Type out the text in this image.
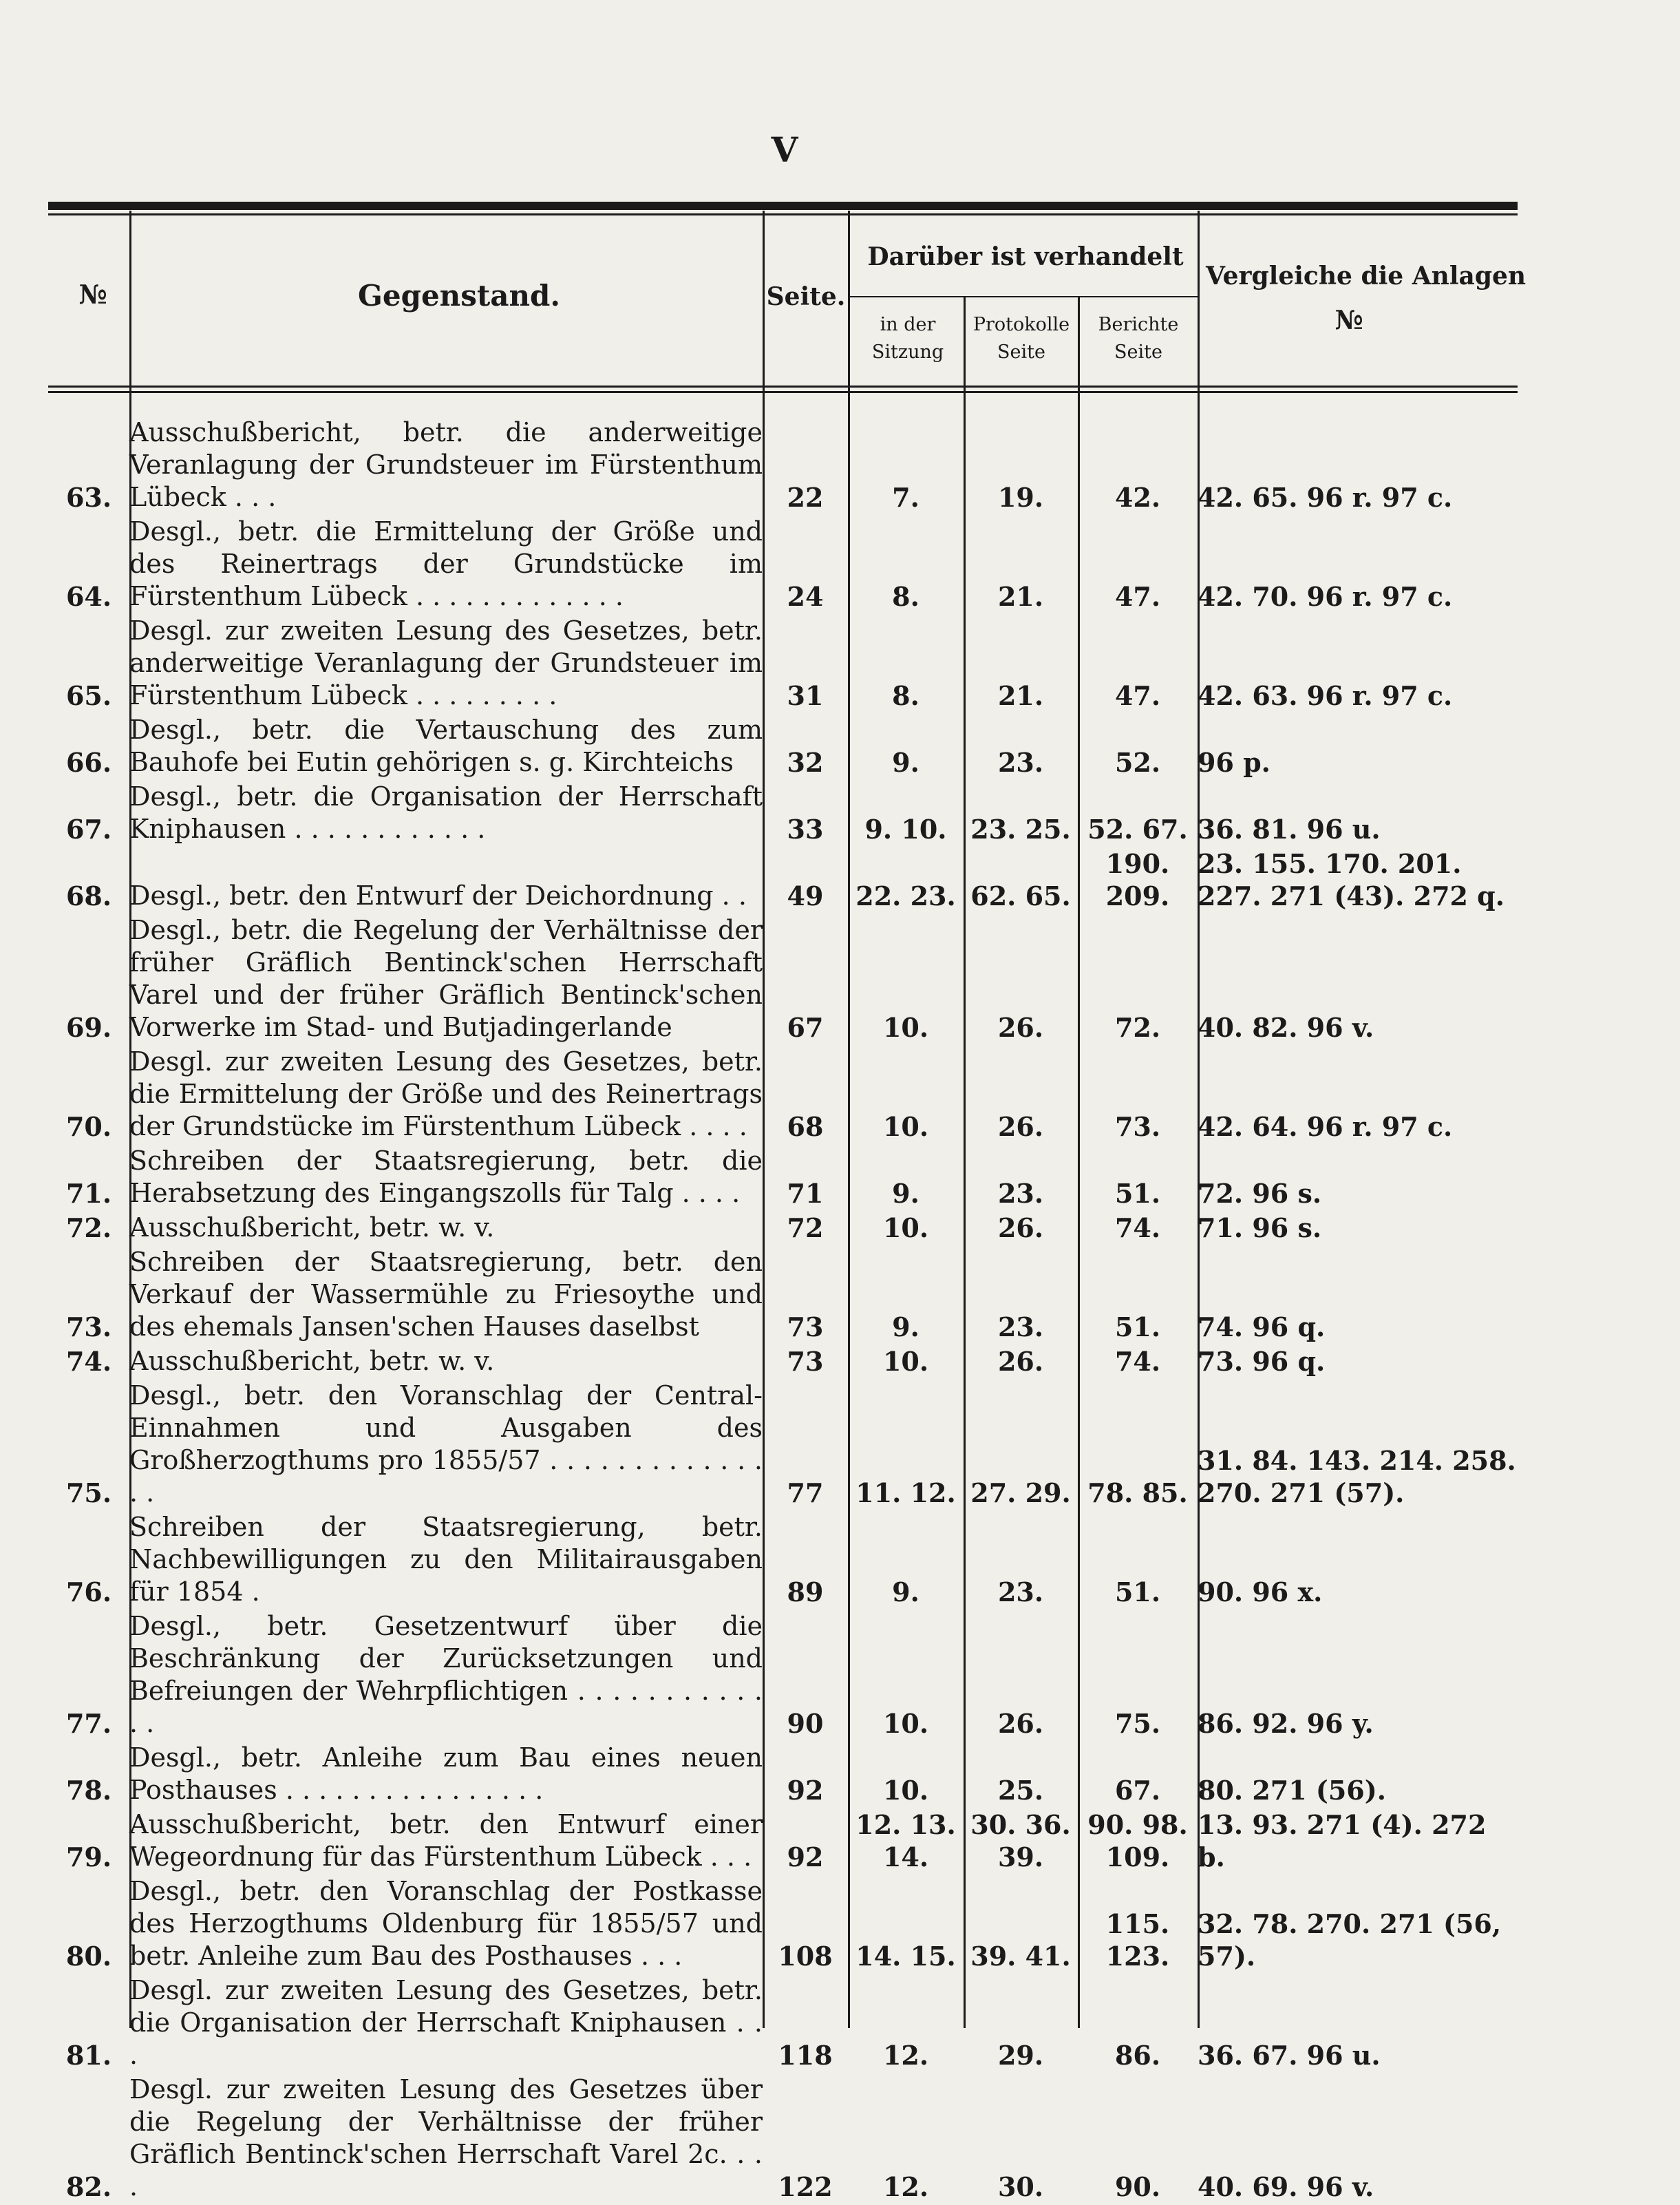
V
№	Gegenstand.	Seite.
Darüber ist verhandelt
in der Sitzung
Protokolle Seite
Berichte Seite
Vergleiche die Anlagen
№
63.	Ausschußbericht, betr. die anderweitige Veranlagung der Grundsteuer im Fürstenthum Lübeck . . .	22	7.	19.	42.	42. 65. 96 r. 97 c.
64.	Desgl., betr. die Ermittelung der Größe und des Reinertrags der Grundstücke im Fürstenthum Lübeck . . . . . . . . . . . . .	24	8.	21.	47.	42. 70. 96 r. 97 c.
65.	Desgl. zur zweiten Lesung des Gesetzes, betr. anderweitige Veranlagung der Grundsteuer im Fürstenthum Lübeck . . . . . . . . .	31	8.	21.	47.	42. 63. 96 r. 97 c.
66.	Desgl., betr. die Vertauschung des zum Bauhofe bei Eutin gehörigen s. g. Kirchteichs	32	9.	23.	52.	96 p.
67.	Desgl., betr. die Organisation der Herrschaft Kniphausen . . . . . . . . . . . .	33	9. 10.	23. 25.	52. 67.	36. 81. 96 u.
68.	Desgl., betr. den Entwurf der Deichordnung . .	49	22. 23.	62. 65.	190. 209.	23. 155. 170. 201. 227. 271 (43). 272 q.
69.	Desgl., betr. die Regelung der Verhältnisse der früher Gräflich Bentinck'schen Herrschaft Varel und der früher Gräflich Bentinck'schen Vorwerke im Stad- und Butjadingerlande	67	10.	26.	72.	40. 82. 96 v.
70.	Desgl. zur zweiten Lesung des Gesetzes, betr. die Ermittelung der Größe und des Reinertrags der Grundstücke im Fürstenthum Lübeck . . . .	68	10.	26.	73.	42. 64. 96 r. 97 c.
71.	Schreiben der Staatsregierung, betr. die Herabsetzung des Eingangszolls für Talg . . . .	71	9.	23.	51.	72. 96 s.
72.	Ausschußbericht, betr. w. v.	72	10.	26.	74.	71. 96 s.
73.	Schreiben der Staatsregierung, betr. den Verkauf der Wassermühle zu Friesoythe und des ehemals Jansen'schen Hauses daselbst	73	9.	23.	51.	74. 96 q.
74.	Ausschußbericht, betr. w. v.	73	10.	26.	74.	73. 96 q.
75.	Desgl., betr. den Voranschlag der Central-Einnahmen und Ausgaben des Großherzogthums pro 1855/57 . . . . . . . . . . . . . . .	77	11. 12.	27. 29.	78. 85.	31. 84. 143. 214. 258. 270. 271 (57).
76.	Schreiben der Staatsregierung, betr. Nachbewilligungen zu den Militairausgaben für 1854 .	89	9.	23.	51.	90. 96 x.
77.	Desgl., betr. Gesetzentwurf über die Beschränkung der Zurücksetzungen und Befreiungen der Wehrpflichtigen . . . . . . . . . . . . .	90	10.	26.	75.	86. 92. 96 y.
78.	Desgl., betr. Anleihe zum Bau eines neuen Posthauses . . . . . . . . . . . . . . . .	92	10.	25.	67.	80. 271 (56).
79.	Ausschußbericht, betr. den Entwurf einer Wegeordnung für das Fürstenthum Lübeck . . .	92	12. 13. 14.	30. 36. 39.	90. 98. 109.	13. 93. 271 (4). 272 b.
80.	Desgl., betr. den Voranschlag der Postkasse des Herzogthums Oldenburg für 1855/57 und betr. Anleihe zum Bau des Posthauses . . .	108	14. 15.	39. 41.	115. 123.	32. 78. 270. 271 (56, 57).
81.	Desgl. zur zweiten Lesung des Gesetzes, betr. die Organisation der Herrschaft Kniphausen . . .	118	12.	29.	86.	36. 67. 96 u.
82.	Desgl. zur zweiten Lesung des Gesetzes über die Regelung der Verhältnisse der früher Gräflich Bentinck'schen Herrschaft Varel 2c. . . .	122	12.	30.	90.	40. 69. 96 v.
